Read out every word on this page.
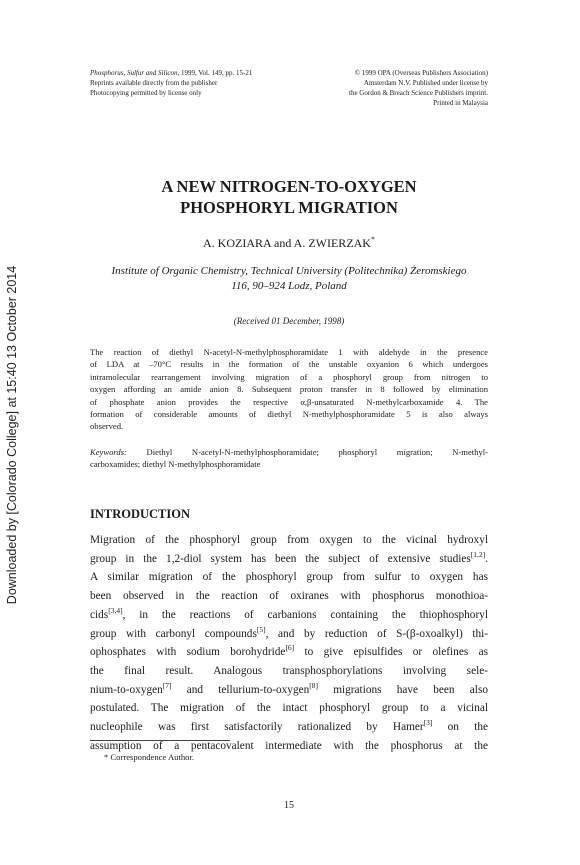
Downloaded by [Colorado College] at 15:40 13 October 2014
Phosphorus, Sulfur and Silicon, 1999, Vol. 149, pp. 15-21
Reprints available directly from the publisher
Photocopying permitted by license only
© 1999 OPA (Overseas Publishers Association)
Amsterdam N.V. Published under license by
the Gordon & Breach Science Publishers imprint.
Printed in Malaysia
A NEW NITROGEN-TO-OXYGEN
PHOSPHORYL MIGRATION
A. KOZIARA and A. ZWIERZAK*
Institute of Organic Chemistry, Technical University (Politechnika) Żeromskiego
116, 90–924 Lodz, Poland
(Received 01 December, 1998)
The reaction of diethyl N-acetyl-N-methylphosphoramidate 1 with aldehyde in the presence
of LDA at –70°C results in the formation of the unstable oxyanion 6 which undergoes
intramolecular rearrangement involving migration of a phosphoryl group from nitrogen to
oxygen affording an amide anion 8. Subsequent proton transfer in 8 followed by elimination
of phosphate anion provides the respective α,β-unsaturated N-methylcarboxamide 4. The
formation of considerable amounts of diethyl N-methylphosphoramidate 5 is also always
observed.
Keywords: Diethyl N-acetyl-N-methylphosphoramidate; phosphoryl migration; N-methyl-
carboxamides; diethyl N-methylphosphoramidate
INTRODUCTION
Migration of the phosphoryl group from oxygen to the vicinal hydroxyl
group in the 1,2-diol system has been the subject of extensive studies[1,2].
A similar migration of the phosphoryl group from sulfur to oxygen has
been observed in the reaction of oxiranes with phosphorus monothioa-
cids[3,4], in the reactions of carbanions containing the thiophosphoryl
group with carbonyl compounds[5], and by reduction of S-(β-oxoalkyl) thi-
ophosphates with sodium borohydride[6] to give episulfides or olefines as
the final result. Analogous transphosphorylations involving sele-
nium-to-oxygen[7] and tellurium-to-oxygen[8] migrations have been also
postulated. The migration of the intact phosphoryl group to a vicinal
nucleophile was first satisfactorily rationalized by Hamer[3] on the
assumption of a pentacovalent intermediate with the phosphorus at the
* Correspondence Author.
15
